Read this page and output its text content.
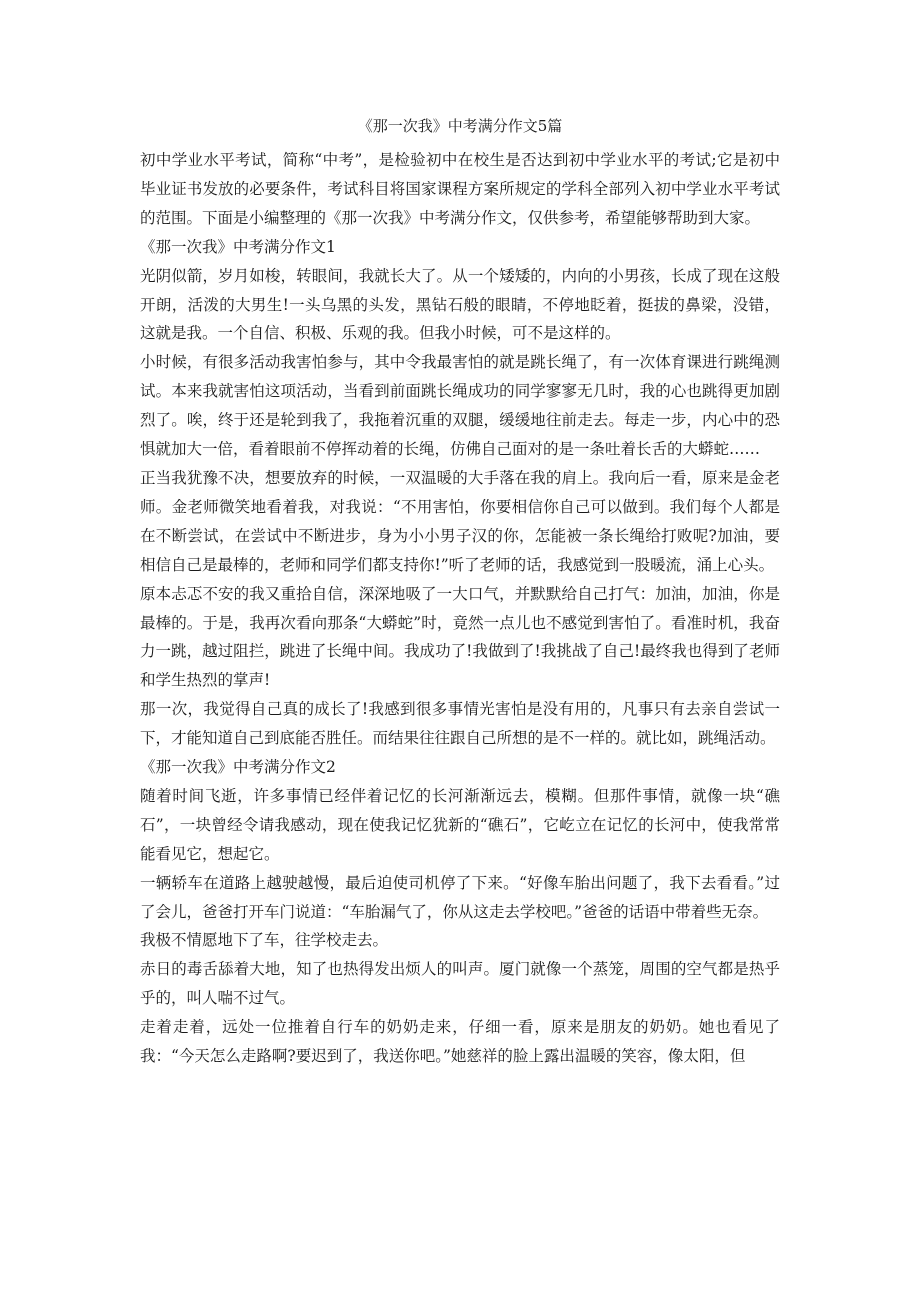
《那一次我》中考满分作文5篇

初中学业水平考试，简称“中考”，是检验初中在校生是否达到初中学业水平的考试;它是初中毕业证书发放的必要条件，考试科目将国家课程方案所规定的学科全部列入初中学业水平考试的范围。下面是小编整理的《那一次我》中考满分作文，仅供参考，希望能够帮助到大家。

《那一次我》中考满分作文1

光阴似箭，岁月如梭，转眼间，我就长大了。从一个矮矮的，内向的小男孩，长成了现在这般开朗，活泼的大男生!一头乌黑的头发，黑钻石般的眼睛，不停地眨着，挺拔的鼻梁，没错，这就是我。一个自信、积极、乐观的我。但我小时候，可不是这样的。

小时候，有很多活动我害怕参与，其中令我最害怕的就是跳长绳了，有一次体育课进行跳绳测试。本来我就害怕这项活动，当看到前面跳长绳成功的同学寥寥无几时，我的心也跳得更加剧烈了。唉，终于还是轮到我了，我拖着沉重的双腿，缓缓地往前走去。每走一步，内心中的恐惧就加大一倍，看着眼前不停挥动着的长绳，仿佛自己面对的是一条吐着长舌的大蟒蛇……

正当我犹豫不决，想要放弃的时候，一双温暖的大手落在我的肩上。我向后一看，原来是金老师。金老师微笑地看着我，对我说：“不用害怕，你要相信你自己可以做到。我们每个人都是在不断尝试，在尝试中不断进步，身为小小男子汉的你，怎能被一条长绳给打败呢?加油，要相信自己是最棒的，老师和同学们都支持你!”听了老师的话，我感觉到一股暖流，涌上心头。

原本忐忑不安的我又重拾自信，深深地吸了一大口气，并默默给自己打气：加油，加油，你是最棒的。于是，我再次看向那条“大蟒蛇”时，竟然一点儿也不感觉到害怕了。看准时机，我奋力一跳，越过阻拦，跳进了长绳中间。我成功了!我做到了!我挑战了自己!最终我也得到了老师和学生热烈的掌声!

那一次，我觉得自己真的成长了!我感到很多事情光害怕是没有用的，凡事只有去亲自尝试一下，才能知道自己到底能否胜任。而结果往往跟自己所想的是不一样的。就比如，跳绳活动。

《那一次我》中考满分作文2

随着时间飞逝，许多事情已经伴着记忆的长河渐渐远去，模糊。但那件事情，就像一块“礁石”，一块曾经令请我感动，现在使我记忆犹新的“礁石”，它屹立在记忆的长河中，使我常常能看见它，想起它。

一辆轿车在道路上越驶越慢，最后迫使司机停了下来。“好像车胎出问题了，我下去看看。”过了会儿，爸爸打开车门说道：“车胎漏气了，你从这走去学校吧。”爸爸的话语中带着些无奈。

我极不情愿地下了车，往学校走去。

赤日的毒舌舔着大地，知了也热得发出烦人的叫声。厦门就像一个蒸笼，周围的空气都是热乎乎的，叫人喘不过气。

走着走着，远处一位推着自行车的奶奶走来，仔细一看，原来是朋友的奶奶。她也看见了我：“今天怎么走路啊?要迟到了，我送你吧。”她慈祥的脸上露出温暖的笑容，像太阳，但
